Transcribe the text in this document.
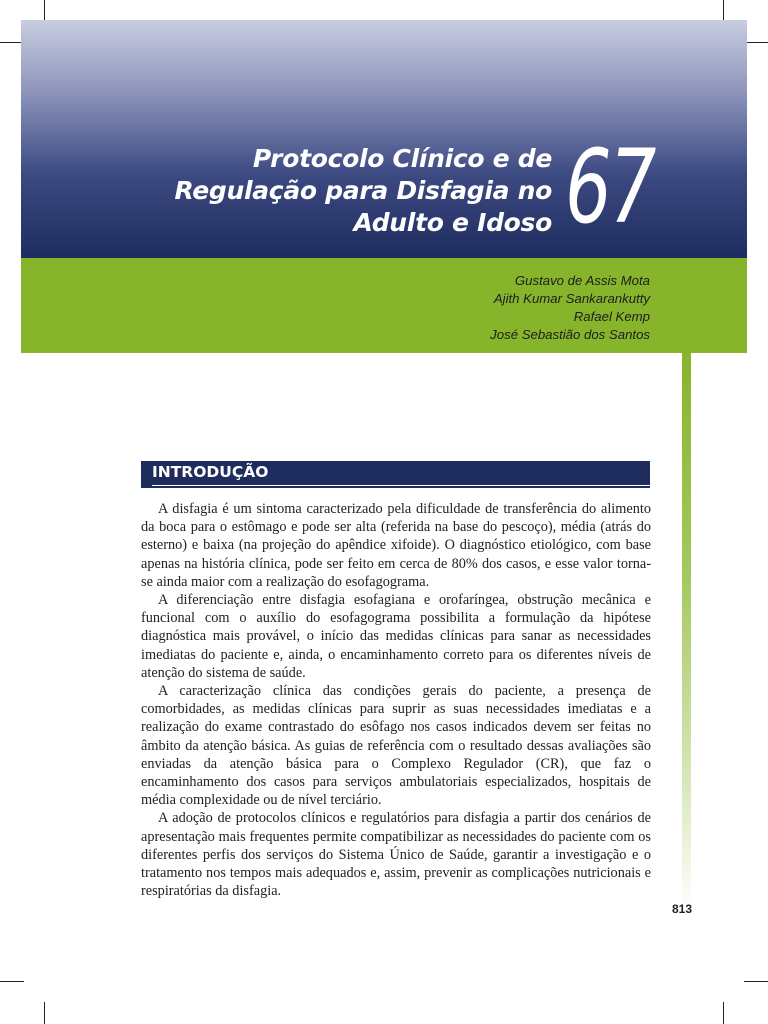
Protocolo Clínico e de
Regulação para Disfagia no
Adulto e Idoso 67
Gustavo de Assis Mota
Ajith Kumar Sankarankutty
Rafael Kemp
José Sebastião dos Santos
INTRODUÇÃO

A disfagia é um sintoma caracterizado pela dificuldade de transferência do alimento da boca para o estômago e pode ser alta (referida na base do pescoço), média (atrás do esterno) e baixa (na projeção do apêndice xifoide). O diagnóstico etiológico, com base apenas na história clínica, pode ser feito em cerca de 80% dos casos, e esse valor torna-se ainda maior com a realização do esofagograma.

A diferenciação entre disfagia esofagiana e orofaríngea, obstrução mecânica e funcional com o auxílio do esofagograma possibilita a formulação da hipótese diagnóstica mais provável, o início das medidas clínicas para sanar as necessidades imediatas do paciente e, ainda, o encaminhamento correto para os diferentes níveis de atenção do sistema de saúde.

A caracterização clínica das condições gerais do paciente, a presença de comorbidades, as medidas clínicas para suprir as suas necessidades imediatas e a realização do exame contrastado do esôfago nos casos indicados devem ser feitas no âmbito da atenção básica. As guias de referência com o resultado dessas avaliações são enviadas da atenção básica para o Complexo Regulador (CR), que faz o encaminhamento dos casos para serviços ambulatoriais especializados, hospitais de média complexidade ou de nível terciário.

A adoção de protocolos clínicos e regulatórios para disfagia a partir dos cenários de apresentação mais frequentes permite compatibilizar as necessidades do paciente com os diferentes perfis dos serviços do Sistema Único de Saúde, garantir a investigação e o tratamento nos tempos mais adequados e, assim, prevenir as complicações nutricionais e respiratórias da disfagia.

813
